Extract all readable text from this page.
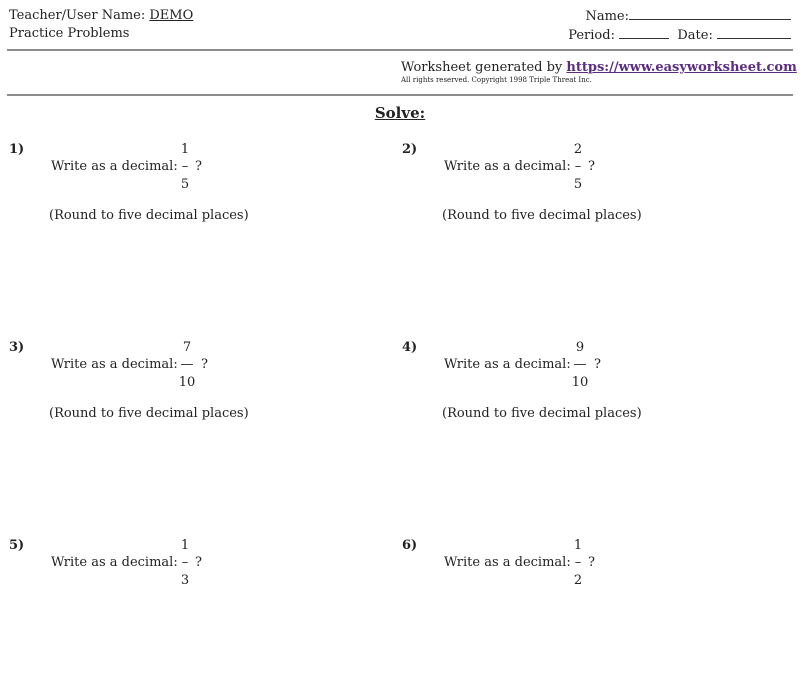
Teacher/User Name: DEMO
Practice Problems
Name:
Period:	Date:
Worksheet generated by https://www.easyworksheet.com
All rights reserved. Copyright 1998 Triple Threat Inc.
Solve:
1)
Write as a decimal:
1
–
5
?
(Round to five decimal places)
2)
Write as a decimal:
2
–
5
?
(Round to five decimal places)
3)
Write as a decimal:
7
—
10
?
(Round to five decimal places)
4)
Write as a decimal:
9
—
10
?
(Round to five decimal places)
5)
Write as a decimal:
1
–
3
?
6)
Write as a decimal:
1
–
2
?
